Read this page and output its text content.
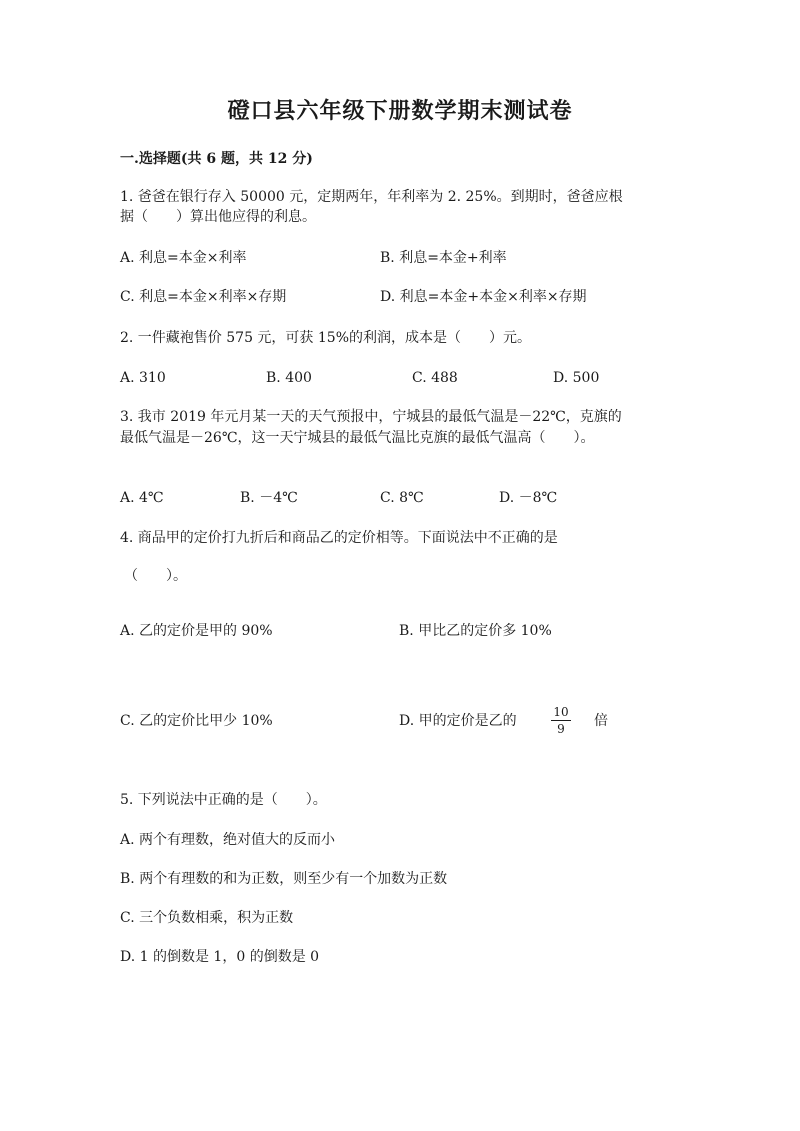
磴口县六年级下册数学期末测试卷
一.选择题(共 6 题，共 12 分)
1. 爸爸在银行存入 50000 元，定期两年，年利率为 2. 25%。到期时，爸爸应根
据（　　）算出他应得的利息。
A. 利息=本金×利率	B. 利息=本金+利率
C. 利息=本金×利率×存期	D. 利息=本金+本金×利率×存期
2. 一件藏袍售价 575 元，可获 15%的利润，成本是（　　）元。
A. 310	B. 400	C. 488	D. 500
3. 我市 2019 年元月某一天的天气预报中，宁城县的最低气温是－22℃，克旗的
最低气温是－26℃，这一天宁城县的最低气温比克旗的最低气温高（　　）。
A. 4℃	B. －4℃	C. 8℃	D. －8℃
4. 商品甲的定价打九折后和商品乙的定价相等。下面说法中不正确的是
（　　）。
A. 乙的定价是甲的 90%	B. 甲比乙的定价多 10%
C. 乙的定价比甲少 10%	D. 甲的定价是乙的
10
9	倍
5. 下列说法中正确的是（　　）。
A. 两个有理数，绝对值大的反而小
B. 两个有理数的和为正数，则至少有一个加数为正数
C. 三个负数相乘，积为正数
D. 1 的倒数是 1，0 的倒数是 0
